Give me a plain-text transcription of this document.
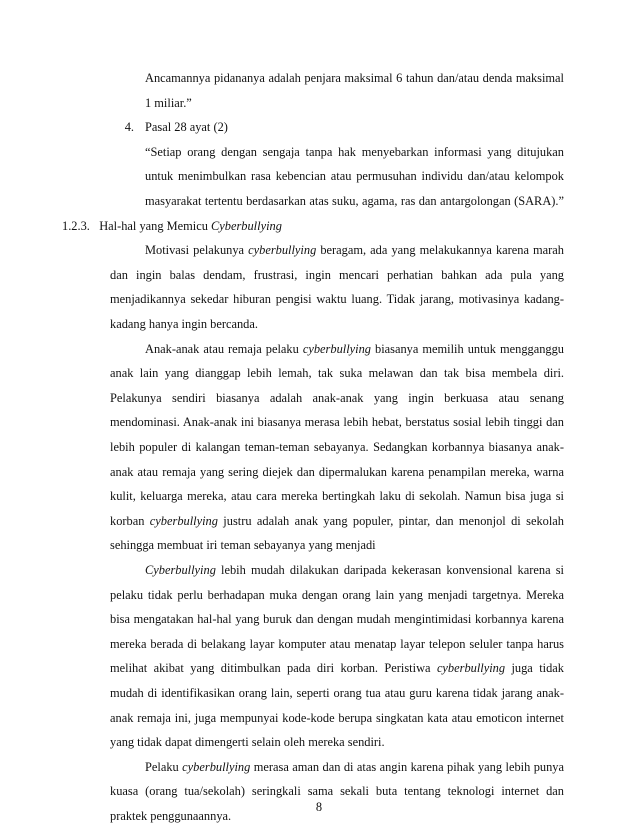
Ancamannya pidananya adalah penjara maksimal 6 tahun dan/atau denda maksimal
1 miliar.”
4. Pasal 28 ayat (2)
“Setiap orang dengan sengaja tanpa hak menyebarkan informasi yang ditujukan
untuk menimbulkan rasa kebencian atau permusuhan individu dan/atau kelompok
masyarakat tertentu berdasarkan atas suku, agama, ras dan antargolongan (SARA).”
1.2.3. Hal-hal yang Memicu Cyberbullying
Motivasi pelakunya cyberbullying beragam, ada yang melakukannya karena marah
dan ingin balas dendam, frustrasi, ingin mencari perhatian bahkan ada pula yang
menjadikannya sekedar hiburan pengisi waktu luang. Tidak jarang, motivasinya kadang-
kadang hanya ingin bercanda.
Anak-anak atau remaja pelaku cyberbullying biasanya memilih untuk mengganggu
anak lain yang dianggap lebih lemah, tak suka melawan dan tak bisa membela diri.
Pelakunya sendiri biasanya adalah anak-anak yang ingin berkuasa atau senang
mendominasi. Anak-anak ini biasanya merasa lebih hebat, berstatus sosial lebih tinggi dan
lebih populer di kalangan teman-teman sebayanya. Sedangkan korbannya biasanya anak-
anak atau remaja yang sering diejek dan dipermalukan karena penampilan mereka, warna
kulit, keluarga mereka, atau cara mereka bertingkah laku di sekolah. Namun bisa juga si
korban cyberbullying justru adalah anak yang populer, pintar, dan menonjol di sekolah
sehingga membuat iri teman sebayanya yang menjadi
Cyberbullying lebih mudah dilakukan daripada kekerasan konvensional karena si
pelaku tidak perlu berhadapan muka dengan orang lain yang menjadi targetnya. Mereka
bisa mengatakan hal-hal yang buruk dan dengan mudah mengintimidasi korbannya karena
mereka berada di belakang layar komputer atau menatap layar telepon seluler tanpa harus
melihat akibat yang ditimbulkan pada diri korban. Peristiwa cyberbullying juga tidak
mudah di identifikasikan orang lain, seperti orang tua atau guru karena tidak jarang anak-
anak remaja ini, juga mempunyai kode-kode berupa singkatan kata atau emoticon internet
yang tidak dapat dimengerti selain oleh mereka sendiri.
Pelaku cyberbullying merasa aman dan di atas angin karena pihak yang lebih punya
kuasa (orang tua/sekolah) seringkali sama sekali buta tentang teknologi internet dan
praktek penggunaannya.
8
